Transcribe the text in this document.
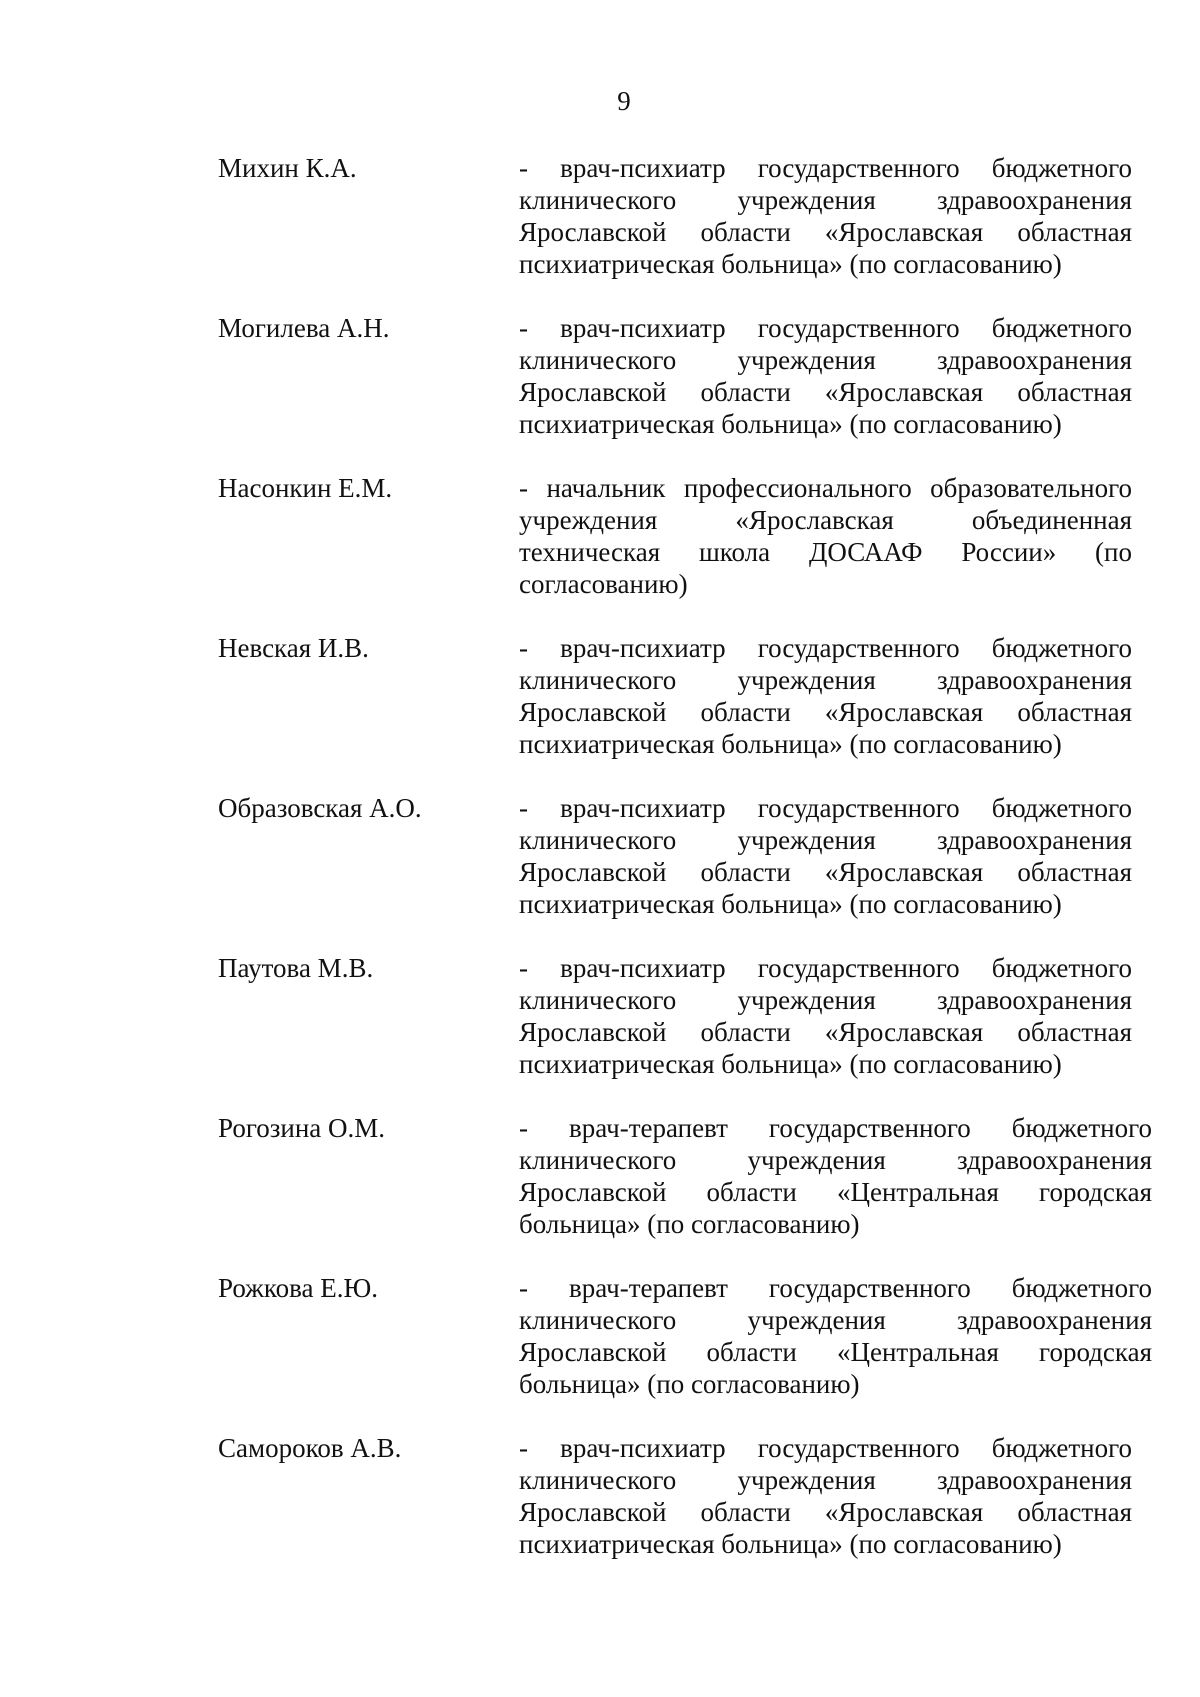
9
Михин К.А.	- врач-психиатр государственного бюджетного клинического учреждения здравоохранения Ярославской области «Ярославская областная психиатрическая больница» (по согласованию)

Могилева А.Н.	- врач-психиатр государственного бюджетного клинического учреждения здравоохранения Ярославской области «Ярославская областная психиатрическая больница» (по согласованию)

Насонкин Е.М.	- начальник профессионального образовательного учреждения «Ярославская объединенная техническая школа ДОСААФ России» (по согласованию)

Невская И.В.	- врач-психиатр государственного бюджетного клинического учреждения здравоохранения Ярославской области «Ярославская областная психиатрическая больница» (по согласованию)

Образовская А.О.	- врач-психиатр государственного бюджетного клинического учреждения здравоохранения Ярославской области «Ярославская областная психиатрическая больница» (по согласованию)

Паутова М.В.	- врач-психиатр государственного бюджетного клинического учреждения здравоохранения Ярославской области «Ярославская областная психиатрическая больница» (по согласованию)

Рогозина О.М.	- врач-терапевт государственного бюджетного клинического учреждения здравоохранения Ярославской области «Центральная городская больница» (по согласованию)

Рожкова Е.Ю.	- врач-терапевт государственного бюджетного клинического учреждения здравоохранения Ярославской области «Центральная городская больница» (по согласованию)

Самороков А.В.	- врач-психиатр государственного бюджетного клинического учреждения здравоохранения Ярославской области «Ярославская областная психиатрическая больница» (по согласованию)
